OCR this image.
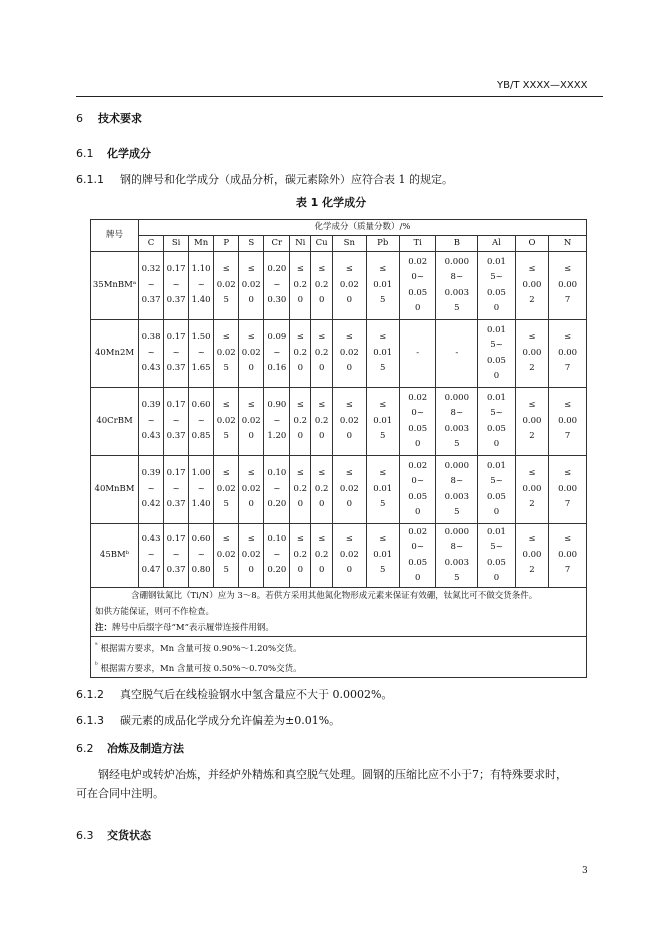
YB/T XXXX—XXXX
6 技术要求
6.1 化学成分
6.1.1 钢的牌号和化学成分（成品分析，碳元素除外）应符合表 1 的规定。
表 1 化学成分
牌号	化学成分（质量分数）/%														
	C	Si	Mn	P	S	Cr	Ni	Cu	Sn	Pb	Ti	B	Al	O	N
35MnBMᵃ	0.32
~
0.37	0.17
~
0.37	1.10
~
1.40	≤
0.02
5	≤
0.02
0	0.20
~
0.30	≤
0.2
0	≤
0.2
0	≤
0.02
0	≤
0.01
5	0.02
0~
0.05
0	0.000
8~
0.003
5	0.01
5~
0.05
0	≤
0.00
2	≤
0.00
7

40Mn2M	0.38
~
0.43	0.17
~
0.37	1.50
~
1.65	≤
0.02
5	≤
0.02
0	0.09
~
0.16	≤
0.2
0	≤
0.2
0	≤
0.02
0	≤
0.01
5	-	-	0.01
5~
0.05
0	≤
0.00
2	≤
0.00
7

40CrBM	0.39
~
0.43	0.17
~
0.37	0.60
~
0.85	≤
0.02
5	≤
0.02
0	0.90
~
1.20	≤
0.2
0	≤
0.2
0	≤
0.02
0	≤
0.01
5	0.02
0~
0.05
0	0.000
8~
0.003
5	0.01
5~
0.05
0	≤
0.00
2	≤
0.00
7

40MnBM	0.39
~
0.42	0.17
~
0.37	1.00
~
1.40	≤
0.02
5	≤
0.02
0	0.10
~
0.20	≤
0.2
0	≤
0.2
0	≤
0.02
0	≤
0.01
5	0.02
0~
0.05
0	0.000
8~
0.003
5	0.01
5~
0.05
0	≤
0.00
2	≤
0.00
7

45BMᵇ	0.43
~
0.47	0.17
~
0.37	0.60
~
0.80	≤
0.02
5	≤
0.02
0	0.10
~
0.20	≤
0.2
0	≤
0.2
0	≤
0.02
0	≤
0.01
5	0.02
0~
0.05
0	0.000
8~
0.003
5	0.01
5~
0.05
0	≤
0.00
2	≤
0.00
7

含硼钢钛氮比（Ti/N）应为 3～8。若供方采用其他氮化物形成元素来保证有效硼，钛氮比可不做交货条件。
如供方能保证，则可不作检查。
注：牌号中后缀字母“M”表示履带连接件用钢。															
$^ᵃ$ 根据需方要求，Mn 含量可按 0.90%～1.20%交货。
$^ᵇ$ 根据需方要求，Mn 含量可按 0.50%～0.70%交货。															
6.1.2 真空脱气后在线检验钢水中氢含量应不大于 0.0002%。
6.1.3 碳元素的成品化学成分允许偏差为±0.01%。
6.2 冶炼及制造方法
钢经电炉或转炉冶炼，并经炉外精炼和真空脱气处理。圆钢的压缩比应不小于7；有特殊要求时，
可在合同中注明。
6.3 交货状态
3
